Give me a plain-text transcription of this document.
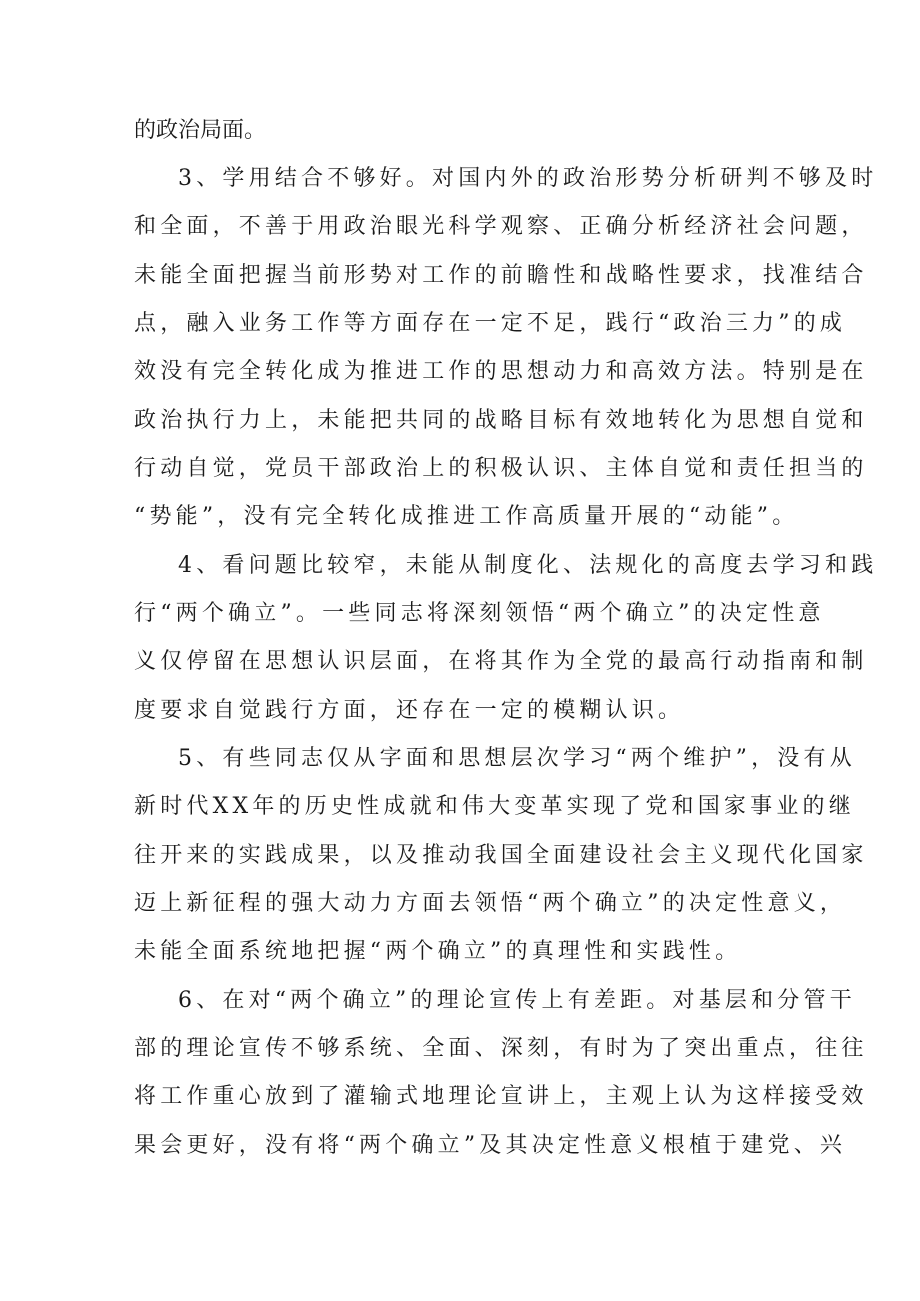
的政治局面。

3、学用结合不够好。对国内外的政治形势分析研判不够及时

和全面，不善于用政治眼光科学观察、正确分析经济社会问题，

未能全面把握当前形势对工作的前瞻性和战略性要求，找准结合

点，融入业务工作等方面存在一定不足，践行“政治三力”的成

效没有完全转化成为推进工作的思想动力和高效方法。特别是在

政治执行力上，未能把共同的战略目标有效地转化为思想自觉和

行动自觉，党员干部政治上的积极认识、主体自觉和责任担当的

“势能”，没有完全转化成推进工作高质量开展的“动能”。

4、看问题比较窄，未能从制度化、法规化的高度去学习和践

行“两个确立”。一些同志将深刻领悟“两个确立”的决定性意

义仅停留在思想认识层面，在将其作为全党的最高行动指南和制

度要求自觉践行方面，还存在一定的模糊认识。

5、有些同志仅从字面和思想层次学习“两个维护”，没有从

新时代XX年的历史性成就和伟大变革实现了党和国家事业的继

往开来的实践成果，以及推动我国全面建设社会主义现代化国家

迈上新征程的强大动力方面去领悟“两个确立”的决定性意义，

未能全面系统地把握“两个确立”的真理性和实践性。

6、在对“两个确立”的理论宣传上有差距。对基层和分管干

部的理论宣传不够系统、全面、深刻，有时为了突出重点，往往

将工作重心放到了灌输式地理论宣讲上，主观上认为这样接受效

果会更好，没有将“两个确立”及其决定性意义根植于建党、兴
